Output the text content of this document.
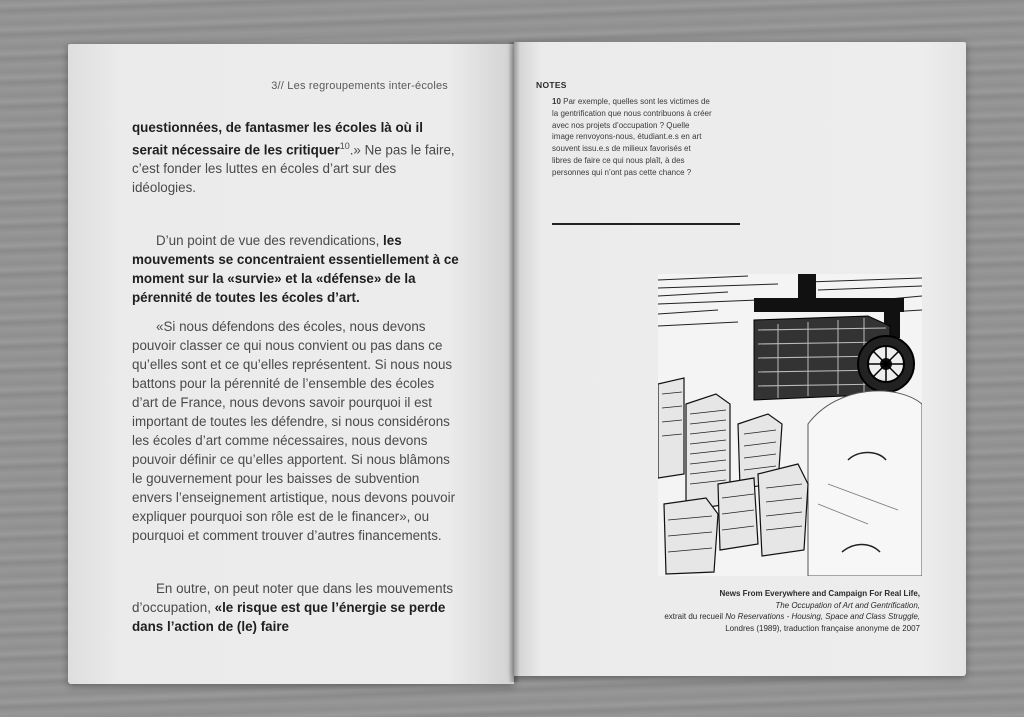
3// Les regroupements inter-écoles

questionnées, de fantasmer les écoles là où il serait nécessaire de les critiquer$^{10}$.» Ne pas le faire, c’est fonder les luttes en écoles d’art sur des idéologies.

D’un point de vue des revendications, les mouvements se concentraient essentiellement à ce moment sur la «survie» et la «défense» de la pérennité de toutes les écoles d’art.

«Si nous défendons des écoles, nous devons pouvoir classer ce qui nous convient ou pas dans ce qu’elles sont et ce qu’elles représentent. Si nous nous battons pour la pérennité de l’ensemble des écoles d’art de France, nous devons savoir pourquoi il est important de toutes les défendre, si nous considérons les écoles d’art comme nécessaires, nous devons pouvoir définir ce qu’elles apportent. Si nous blâmons le gouvernement pour les baisses de subvention envers l’enseignement artistique, nous devons pouvoir expliquer pourquoi son rôle est de le financer», ou pourquoi et comment trouver d’autres financements.

En outre, on peut noter que dans les mouvements d’occupation, «le risque est que l’énergie se perde dans l’action de (le) faire

NOTES
10 Par exemple, quelles sont les victimes de la gentrification que nous contribuons à créer avec nos projets d’occupation ? Quelle image renvoyons-nous, étudiant.e.s en art souvent issu.e.s de milieux favorisés et libres de faire ce qui nous plaît, à des personnes qui n’ont pas cette chance ?
News From Everywhere and Campaign For Real Life,
The Occupation of Art and Gentrification,
extrait du recueil No Reservations - Housing, Space and Class Struggle,
Londres (1989), traduction française anonyme de 2007
